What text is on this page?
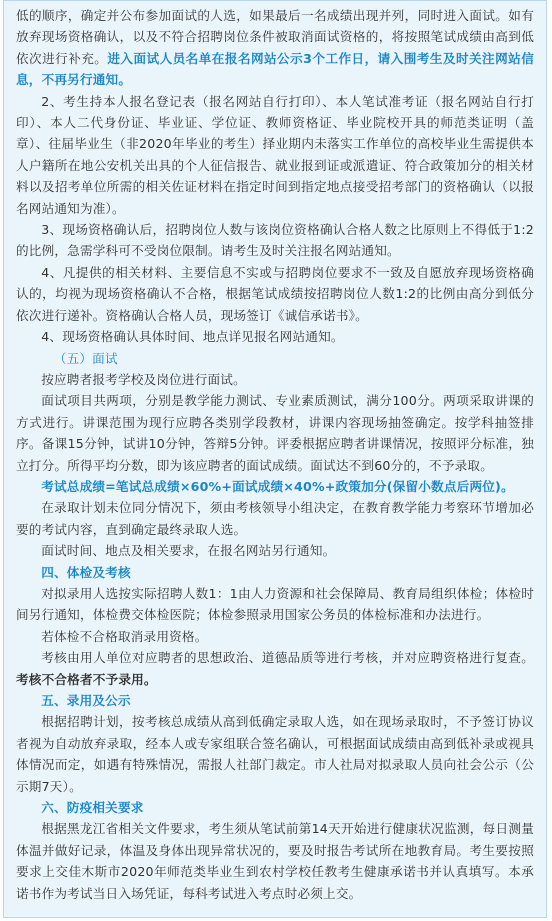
低的顺序，确定并公布参加面试的人选，如果最后一名成绩出现并列，同时进入面试。如有放弃现场资格确认，以及不符合招聘岗位条件被取消面试资格的，将按照笔试成绩由高到低依次进行补充。进入面试人员名单在报名网站公示3个工作日，请入围考生及时关注网站信息，不再另行通知。

2、考生持本人报名登记表（报名网站自行打印）、本人笔试准考证（报名网站自行打印）、本人二代身份证、毕业证、学位证、教师资格证、毕业院校开具的师范类证明（盖章）、往届毕业生（非2020年毕业的考生）择业期内未落实工作单位的高校毕业生需提供本人户籍所在地公安机关出具的个人征信报告、就业报到证或派遣证、符合政策加分的相关材料以及招考单位所需的相关佐证材料在指定时间到指定地点接受招考部门的资格确认（以报名网站通知为准）。

3、现场资格确认后，招聘岗位人数与该岗位资格确认合格人数之比原则上不得低于1:2的比例，急需学科可不受岗位限制。请考生及时关注报名网站通知。

4、凡提供的相关材料、主要信息不实或与招聘岗位要求不一致及自愿放弃现场资格确认的，均视为现场资格确认不合格，根据笔试成绩按招聘岗位人数1:2的比例由高分到低分依次进行递补。资格确认合格人员，现场签订《诚信承诺书》。

4、现场资格确认具体时间、地点详见报名网站通知。

（五）面试

按应聘者报考学校及岗位进行面试。

面试项目共两项，分别是教学能力测试、专业素质测试，满分100分。两项采取讲课的方式进行。讲课范围为现行应聘各类别学段教材，讲课内容现场抽签确定。按学科抽签排序。备课15分钟，试讲10分钟，答辩5分钟。评委根据应聘者讲课情况，按照评分标准，独立打分。所得平均分数，即为该应聘者的面试成绩。面试达不到60分的，不予录取。

考试总成绩=笔试总成绩×60%+面试成绩×40%+政策加分(保留小数点后两位)。

在录取计划未位同分情况下，须由考核领导小组决定，在教育教学能力考察环节增加必要的考试内容，直到确定最终录取人选。

面试时间、地点及相关要求，在报名网站另行通知。

四、体检及考核

对拟录用人选按实际招聘人数1：1由人力资源和社会保障局、教育局组织体检；体检时间另行通知，体检费交体检医院；体检参照录用国家公务员的体检标准和办法进行。

若体检不合格取消录用资格。

考核由用人单位对应聘者的思想政治、道德品质等进行考核，并对应聘资格进行复查。考核不合格者不予录用。

五、录用及公示

根据招聘计划，按考核总成绩从高到低确定录取人选，如在现场录取时，不予签订协议者视为自动放弃录取，经本人或专家组联合签名确认，可根据面试成绩由高到低补录或视具体情况而定，如遇有特殊情况，需报人社部门裁定。市人社局对拟录取人员向社会公示（公示期7天）。

六、防疫相关要求

根据黑龙江省相关文件要求，考生须从笔试前第14天开始进行健康状况监测，每日测量体温并做好记录，体温及身体出现异常状况的，要及时报告考试所在地教育局。考生要按照要求上交佳木斯市2020年师范类毕业生到农村学校任教考生健康承诺书并认真填写。本承诺书作为考试当日入场凭证，每科考试进入考点时必须上交。
